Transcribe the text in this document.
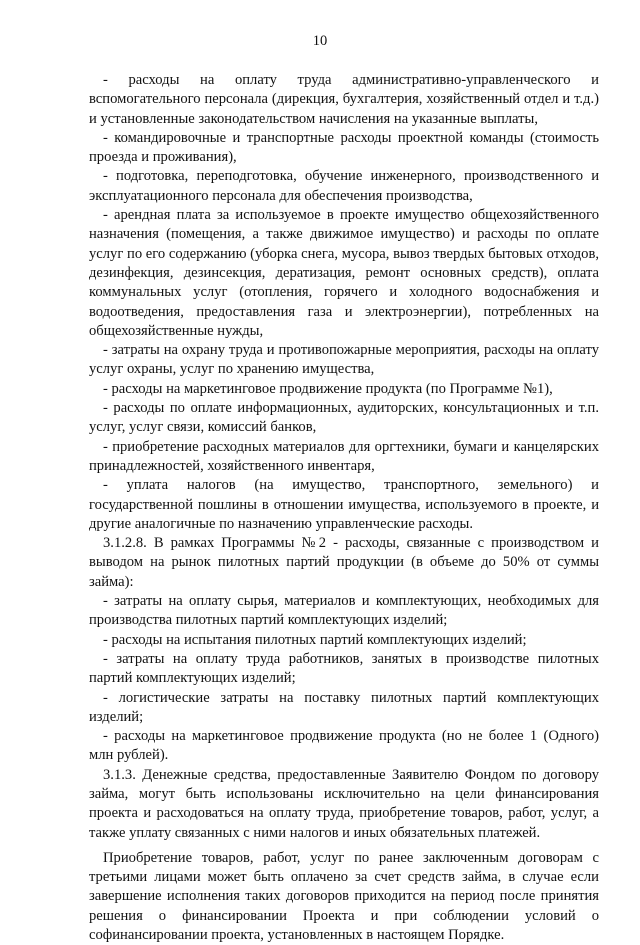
10

- расходы на оплату труда административно-управленческого и вспомогательного персонала (дирекция, бухгалтерия, хозяйственный отдел и т.д.) и установленные законодательством начисления на указанные выплаты,

- командировочные и транспортные расходы проектной команды (стоимость проезда и проживания),

- подготовка, переподготовка, обучение инженерного, производственного и эксплуатационного персонала для обеспечения производства,

- арендная плата за используемое в проекте имущество общехозяйственного назначения (помещения, а также движимое имущество) и расходы по оплате услуг по его содержанию (уборка снега, мусора, вывоз твердых бытовых отходов, дезинфекция, дезинсекция, дератизация, ремонт основных средств), оплата коммунальных услуг (отопления, горячего и холодного водоснабжения и водоотведения, предоставления газа и электроэнергии), потребленных на общехозяйственные нужды,

- затраты на охрану труда и противопожарные мероприятия, расходы на оплату услуг охраны, услуг по хранению имущества,

- расходы на маркетинговое продвижение продукта (по Программе №1),

- расходы по оплате информационных, аудиторских, консультационных и т.п. услуг, услуг связи, комиссий банков,

- приобретение расходных материалов для оргтехники, бумаги и канцелярских принадлежностей, хозяйственного инвентаря,

- уплата налогов (на имущество, транспортного, земельного) и государственной пошлины в отношении имущества, используемого в проекте, и другие аналогичные по назначению управленческие расходы.

3.1.2.8. В рамках Программы №2 - расходы, связанные с производством и выводом на рынок пилотных партий продукции (в объеме до 50% от суммы займа):

- затраты на оплату сырья, материалов и комплектующих, необходимых для производства пилотных партий комплектующих изделий;

- расходы на испытания пилотных партий комплектующих изделий;

- затраты на оплату труда работников, занятых в производстве пилотных партий комплектующих изделий;

- логистические затраты на поставку пилотных партий комплектующих изделий;

- расходы на маркетинговое продвижение продукта (но не более 1 (Одного) млн рублей).

3.1.3. Денежные средства, предоставленные Заявителю Фондом по договору займа, могут быть использованы исключительно на цели финансирования проекта и расходоваться на оплату труда, приобретение товаров, работ, услуг, а также уплату связанных с ними налогов и иных обязательных платежей.

Приобретение товаров, работ, услуг по ранее заключенным договорам с третьими лицами может быть оплачено за счет средств займа, в случае если завершение исполнения таких договоров приходится на период после принятия решения о финансировании Проекта и при соблюдении условий о софинансировании проекта, установленных в настоящем Порядке.
